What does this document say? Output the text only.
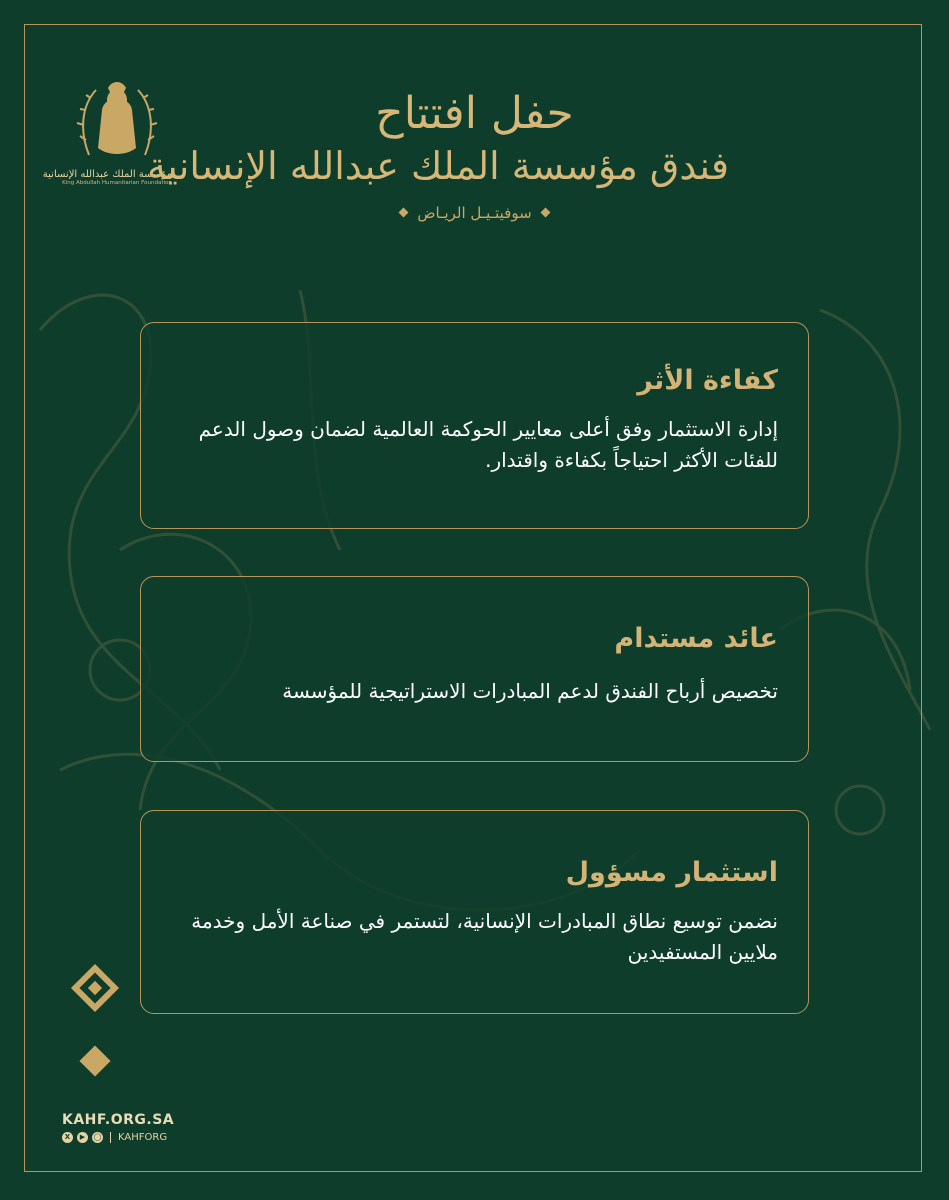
مؤسسة الملك عبدالله الإنسانية
King Abdullah Humanitarian Foundation
حفل افتتاح
فندق مؤسسة الملك عبدالله الإنسانية
سوفيتـيـل الريـاض
كفاءة الأثر

إدارة الاستثمار وفق أعلى معايير الحوكمة العالمية لضمان وصول الدعم للفئات الأكثر احتياجاً بكفاءة واقتدار.

عائد مستدام

تخصيص أرباح الفندق لدعم المبادرات الاستراتيجية للمؤسسة

استثمار مسؤول

نضمن توسيع نطاق المبادرات الإنسانية، لتستمر في صناعة الأمل وخدمة ملايين المستفيدين

KAHF.ORG.SA
X	▶	◯ KAHFORG
